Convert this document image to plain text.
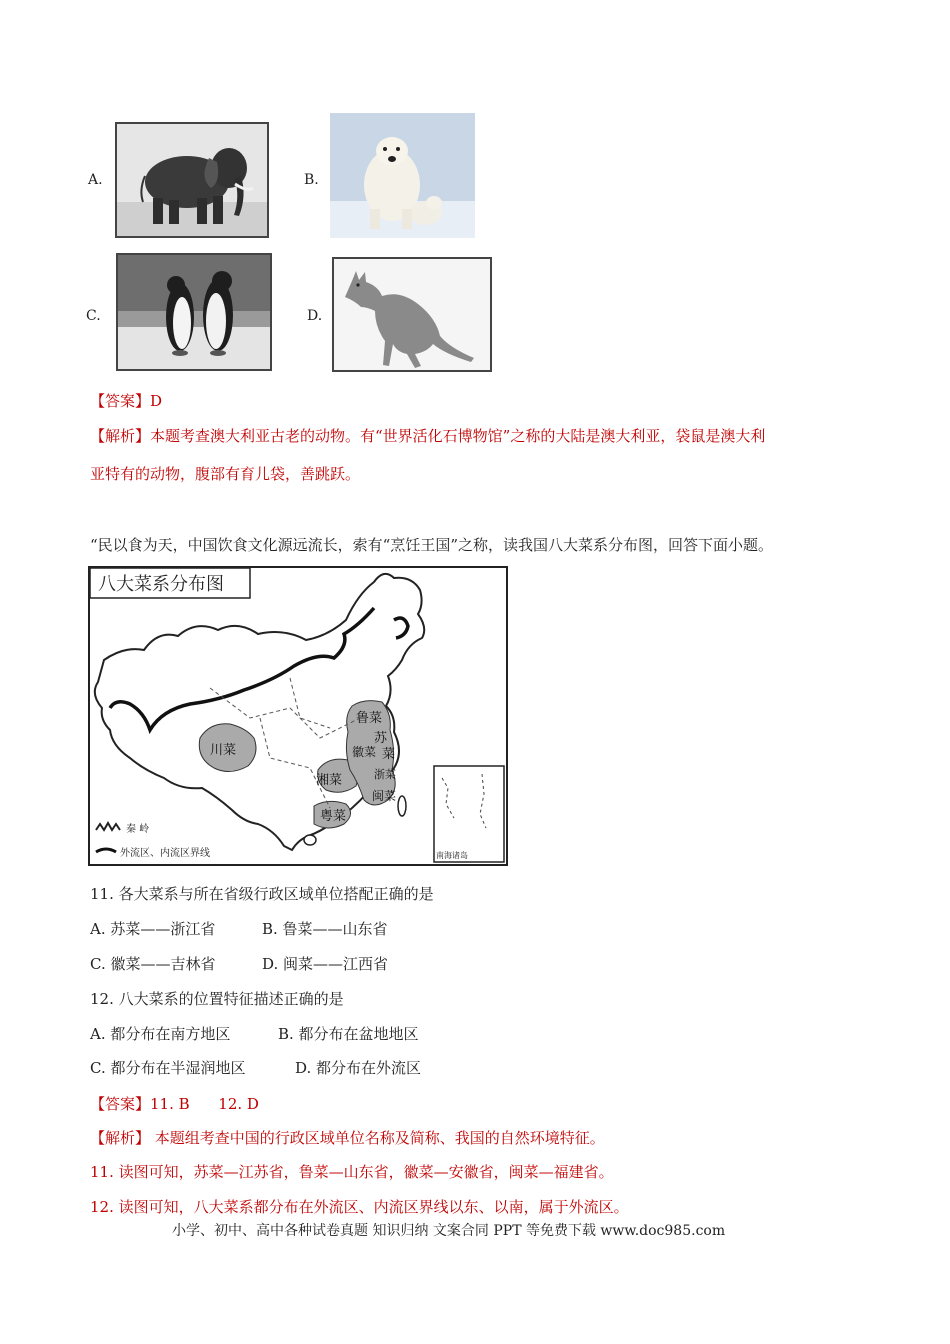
A.	B.
C.	D.
【答案】D
【解析】本题考查澳大利亚古老的动物。有“世界活化石博物馆”之称的大陆是澳大利亚，袋鼠是澳大利
亚特有的动物，腹部有育儿袋，善跳跃。
“民以食为天，中国饮食文化源远流长，索有“烹饪王国”之称，读我国八大菜系分布图，回答下面小题。
八大菜系分布图
川菜
湘菜
粤菜
鲁菜
苏
菜
徽菜
浙菜
闽菜
秦 岭
外流区、内流区界线	南海诸岛
11. 各大菜系与所在省级行政区域单位搭配正确的是
A. 苏菜——浙江省	B. 鲁菜——山东省
C. 徽菜——吉林省	D. 闽菜——江西省
12. 八大菜系的位置特征描述正确的是
A. 都分布在南方地区	B. 都分布在盆地地区
C. 都分布在半湿润地区	D. 都分布在外流区
【答案】11. B      12. D
【解析】 本题组考查中国的行政区域单位名称及简称、我国的自然环境特征。
11. 读图可知，苏菜—江苏省，鲁菜—山东省，徽菜—安徽省，闽菜—福建省。
12. 读图可知，八大菜系都分布在外流区、内流区界线以东、以南，属于外流区。
小学、初中、高中各种试卷真题 知识归纳 文案合同 PPT 等免费下载 www.doc985.com
